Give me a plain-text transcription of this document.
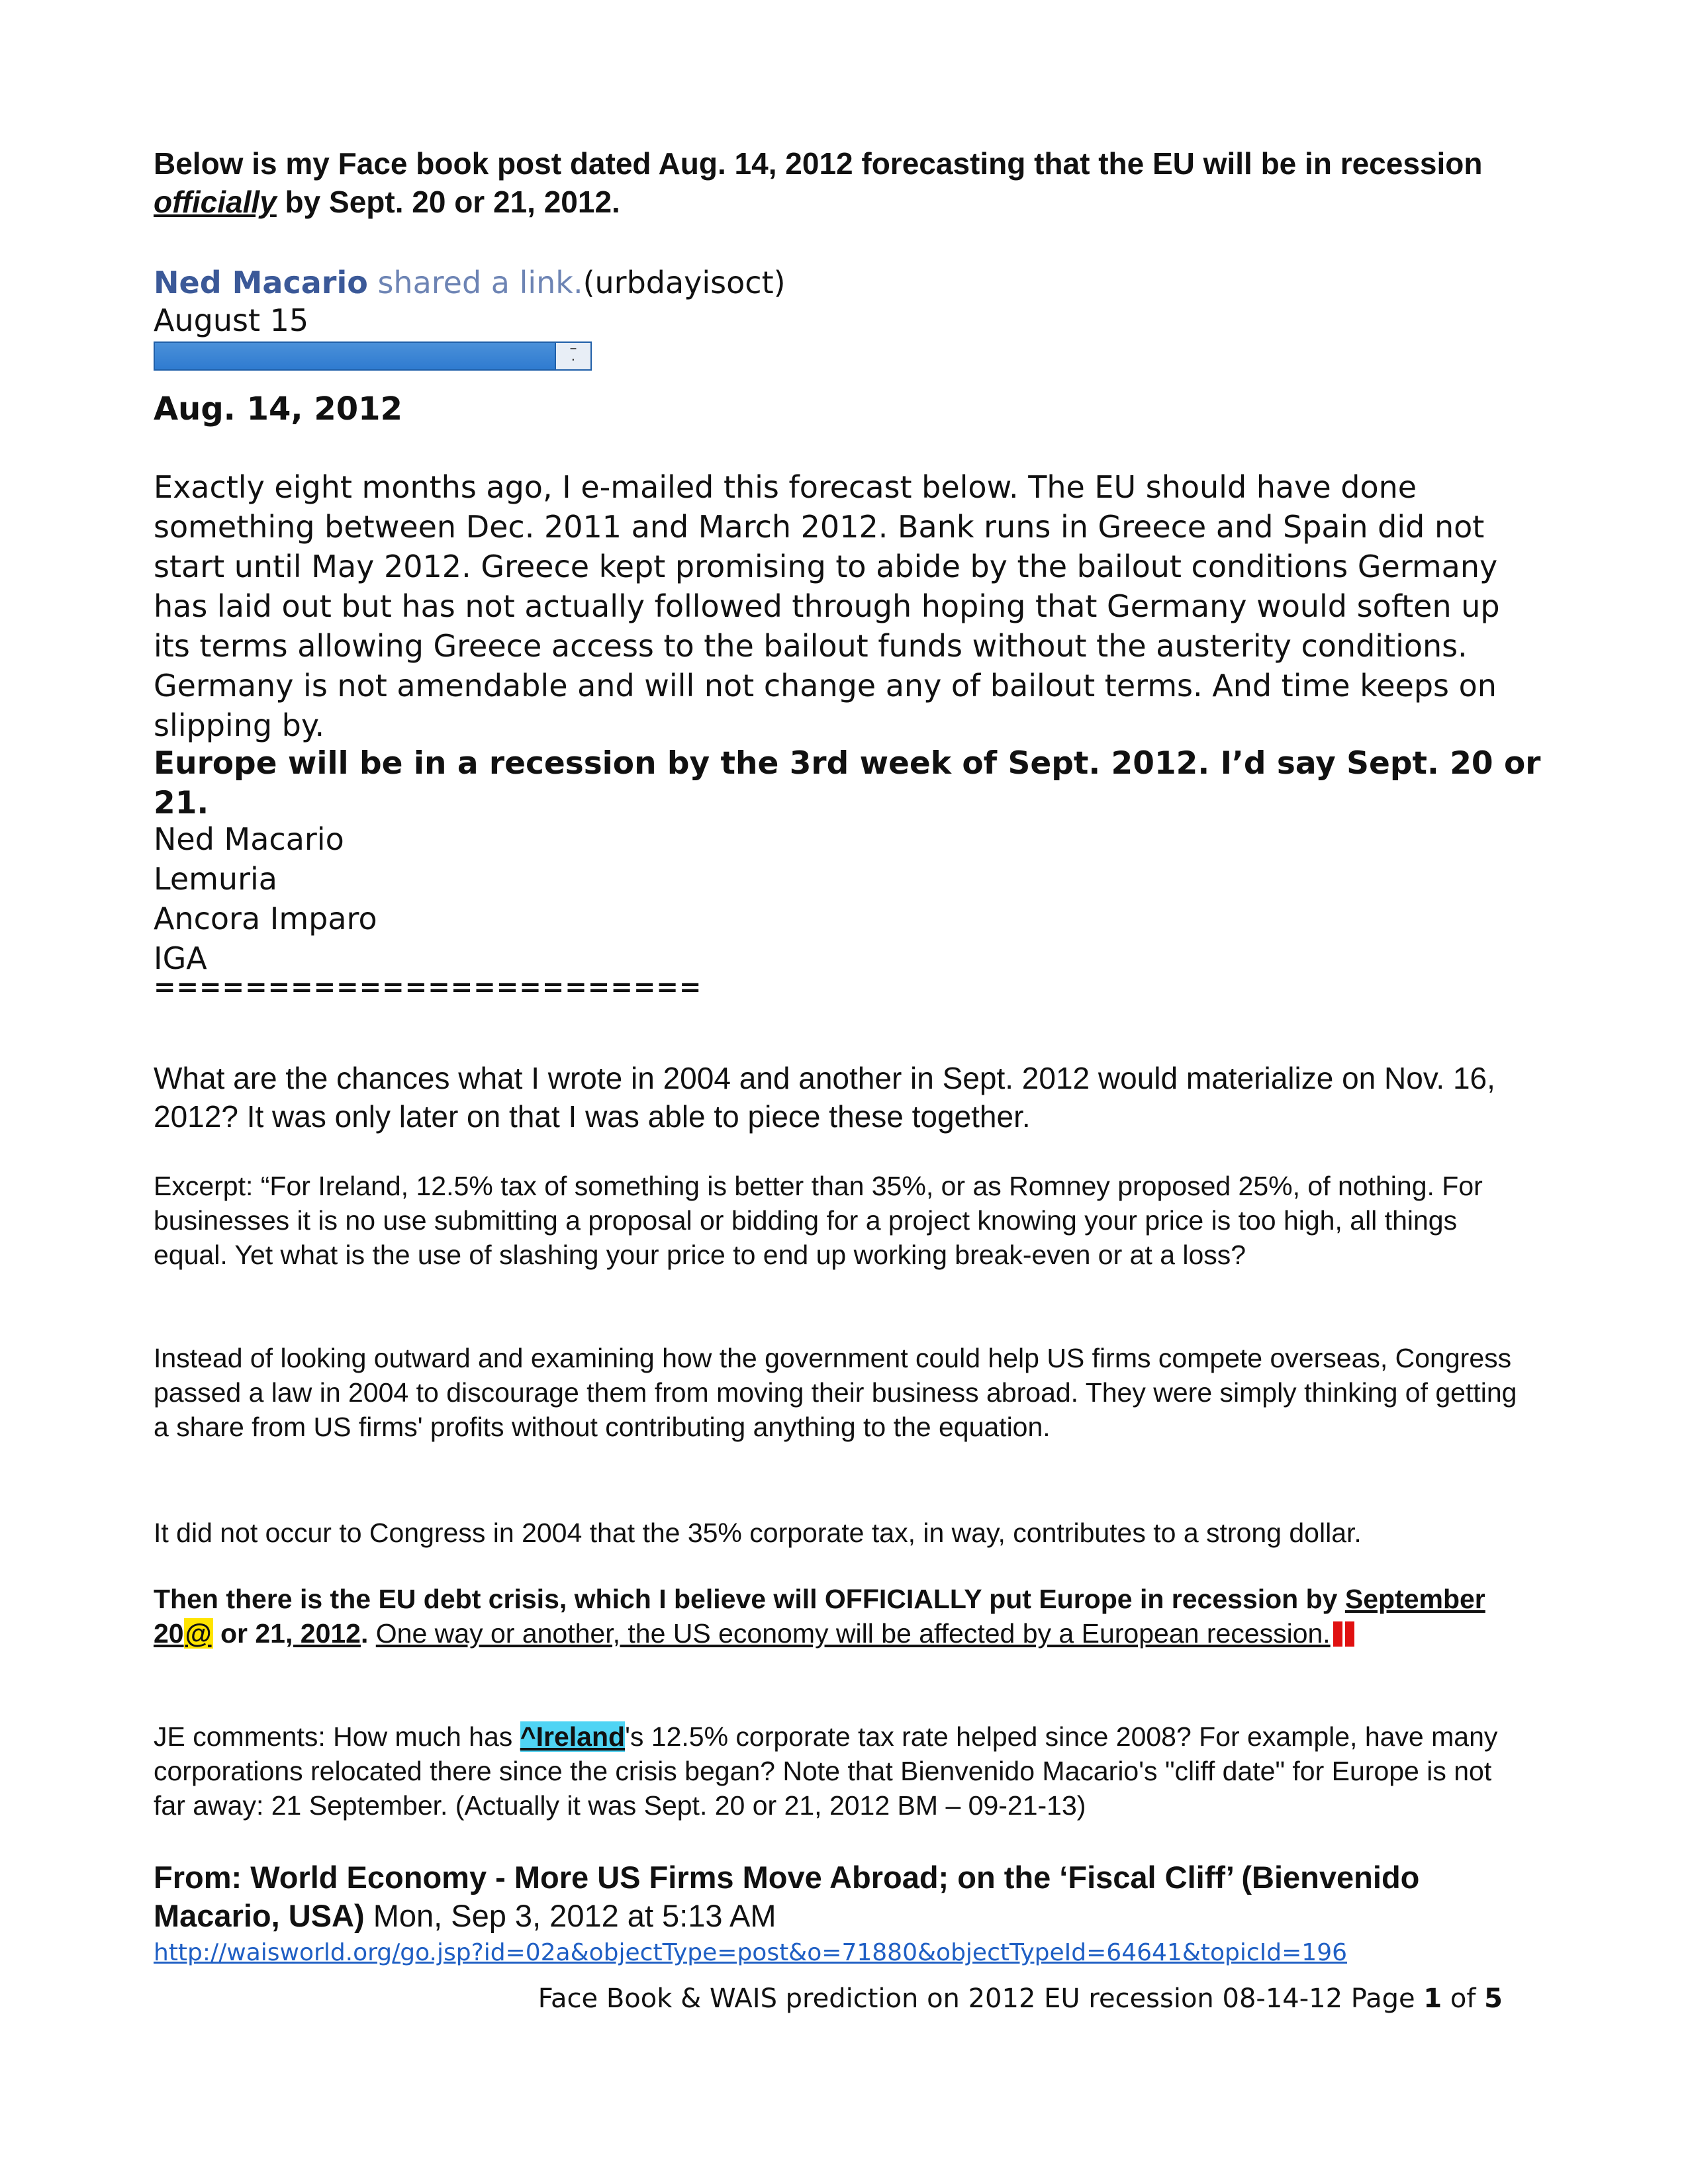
Below is my Face book post dated Aug. 14, 2012 forecasting that the EU will be in recession officially by Sept. 20 or 21, 2012.
Ned Macario shared a link.(urbdayisoct)
August 15
–
⋅
Aug. 14, 2012

Exactly eight months ago, I e-mailed this forecast below. The EU should have done something between Dec. 2011 and March 2012. Bank runs in Greece and Spain did not start until May 2012. Greece kept promising to abide by the bailout conditions Germany has laid out but has not actually followed through hoping that Germany would soften up its terms allowing Greece access to the bailout funds without the austerity conditions. Germany is not amendable and will not change any of bailout terms. And time keeps on slipping by.

Europe will be in a recession by the 3rd week of Sept. 2012. I’d say Sept. 20 or 21.
Ned Macario
Lemuria
Ancora Imparo
IGA
========================
What are the chances what I wrote in 2004 and another in Sept. 2012 would materialize on Nov. 16, 2012? It was only later on that I was able to piece these together.
Excerpt: “For Ireland, 12.5% tax of something is better than 35%, or as Romney proposed 25%, of nothing. For businesses it is no use submitting a proposal or bidding for a project knowing your price is too high, all things equal. Yet what is the use of slashing your price to end up working break-even or at a loss?
Instead of looking outward and examining how the government could help US firms compete overseas, Congress passed a law in 2004 to discourage them from moving their business abroad. They were simply thinking of getting a share from US firms' profits without contributing anything to the equation.
It did not occur to Congress in 2004 that the 35% corporate tax, in way, contributes to a strong dollar.
Then there is the EU debt crisis, which I believe will OFFICIALLY put Europe in recession by September 20@ or 21, 2012. One way or another, the US economy will be affected by a European recession.
JE comments: How much has ^Ireland's 12.5% corporate tax rate helped since 2008? For example, have many corporations relocated there since the crisis began? Note that Bienvenido Macario's "cliff date" for Europe is not far away: 21 September. (Actually it was Sept. 20 or 21, 2012 BM – 09-21-13)
From: World Economy - More US Firms Move Abroad; on the ‘Fiscal Cliff’ (Bienvenido Macario, USA) Mon, Sep 3, 2012 at 5:13 AM
http://waisworld.org/go.jsp?id=02a&objectType=post&o=71880&objectTypeId=64641&topicId=196
Face Book & WAIS prediction on 2012 EU recession 08-14-12 Page 1 of 5
